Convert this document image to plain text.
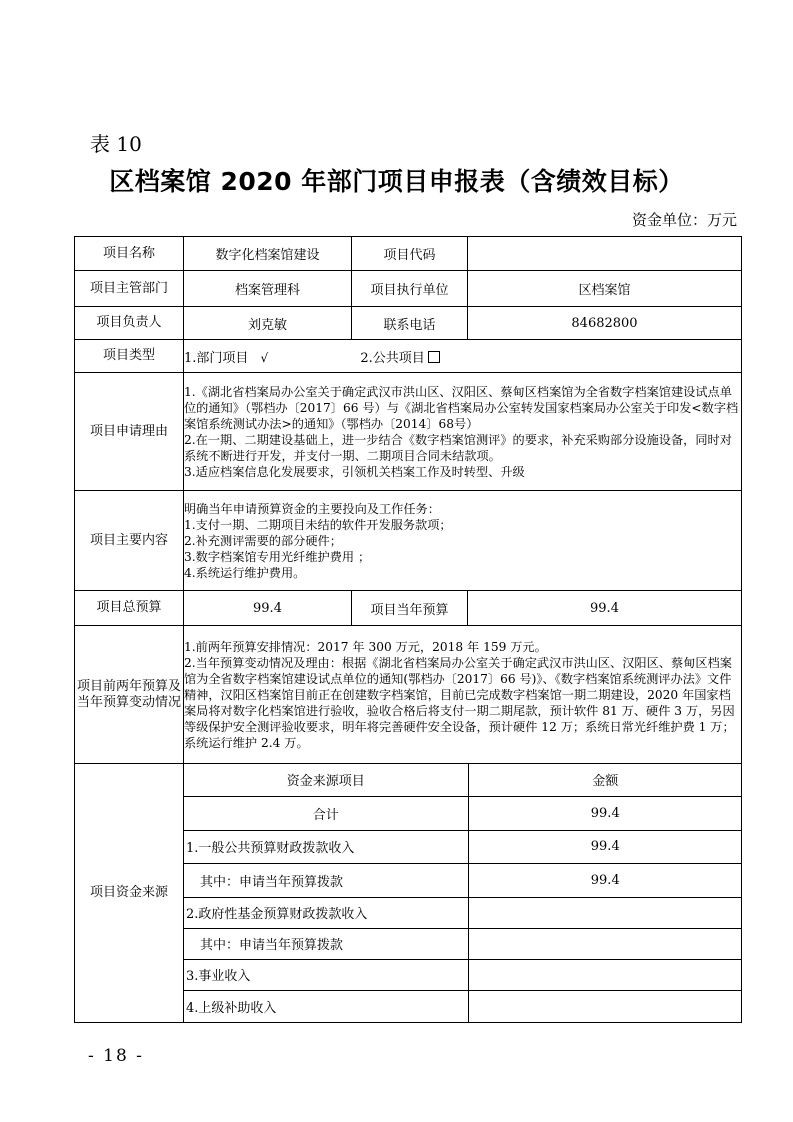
表 10
区档案馆 2020 年部门项目申报表（含绩效目标）
资金单位：万元
项目名称	数字化档案馆建设	项目代码	
项目主管部门	档案管理科	项目执行单位	区档案馆
项目负责人	刘克敏	联系电话	84682800
项目类型	1.部门项目 √	2.公共项目
项目申请理由	

1.《湖北省档案局办公室关于确定武汉市洪山区、汉阳区、蔡甸区档案馆为全省数字档案馆建设试点单位的通知》（鄂档办〔2017〕66 号）与《湖北省档案局办公室转发国家档案局办公室关于印发<数字档案馆系统测试办法>的通知》（鄂档办〔2014〕68号）

2.在一期、二期建设基础上，进一步结合《数字档案馆测评》的要求，补充采购部分设施设备，同时对系统不断进行开发，并支付一期、二期项目合同未结款项。

3.适应档案信息化发展要求，引领机关档案工作及时转型、升级

项目主要内容	

明确当年申请预算资金的主要投向及工作任务：

1.支付一期、二期项目未结的软件开发服务款项；

2.补充测评需要的部分硬件；

3.数字档案馆专用光纤维护费用 ；

4.系统运行维护费用。

项目总预算	99.4	项目当年预算	99.4
项目前两年预算及当年预算变动情况	

1.前两年预算安排情况：2017 年 300 万元，2018 年 159 万元。

2.当年预算变动情况及理由：根据《湖北省档案局办公室关于确定武汉市洪山区、汉阳区、蔡甸区档案馆为全省数字档案馆建设试点单位的通知(鄂档办〔2017〕66 号)》、《数字档案馆系统测评办法》文件精神，汉阳区档案馆目前正在创建数字档案馆，目前已完成数字档案馆一期二期建设，2020 年国家档案局将对数字化档案馆进行验收，验收合格后将支付一期二期尾款，预计软件 81 万、硬件 3 万，另因等级保护安全测评验收要求，明年将完善硬件安全设备，预计硬件 12 万；系统日常光纤维护费 1 万；系统运行维护 2.4 万。

项目资金来源	
资金来源项目	金额
合计	99.4
1.一般公共预算财政拨款收入	99.4
其中：申请当年预算拨款	99.4
2.政府性基金预算财政拨款收入	
其中：申请当年预算拨款	
3.事业收入	
4.上级补助收入	
- 18 -
